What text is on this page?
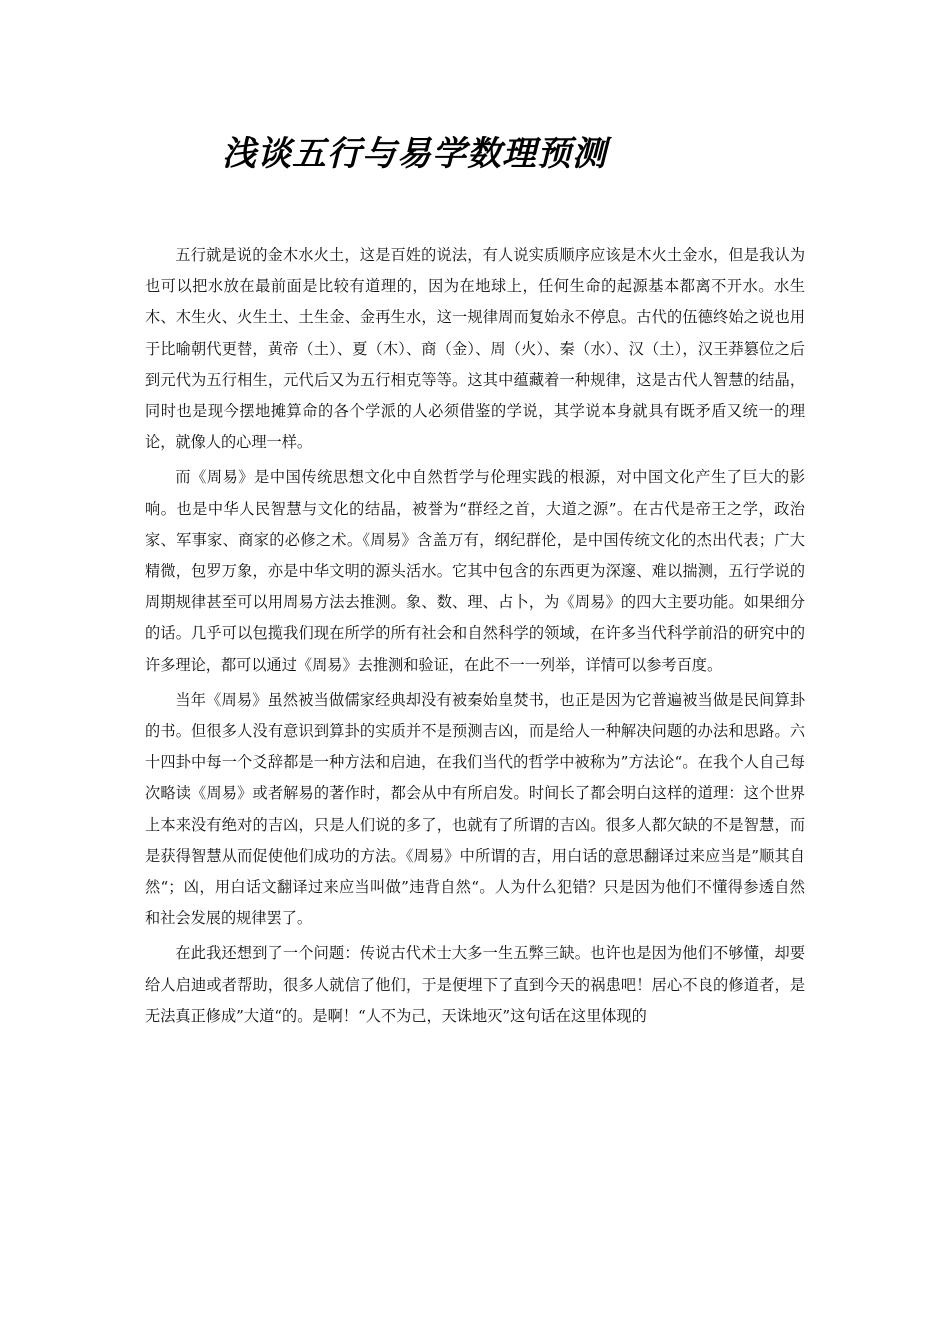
浅谈五行与易学数理预测

五行就是说的金木水火土，这是百姓的说法，有人说实质顺序应该是木火土金水，但是我认为也可以把水放在最前面是比较有道理的，因为在地球上，任何生命的起源基本都离不开水。水生木、木生火、火生土、土生金、金再生水，这一规律周而复始永不停息。古代的伍德终始之说也用于比喻朝代更替，黄帝（土）、夏（木）、商（金）、周（火）、秦（水）、汉（土），汉王莽篡位之后到元代为五行相生，元代后又为五行相克等等。这其中蕴藏着一种规律，这是古代人智慧的结晶，同时也是现今摆地摊算命的各个学派的人必须借鉴的学说，其学说本身就具有既矛盾又统一的理论，就像人的心理一样。

而《周易》是中国传统思想文化中自然哲学与伦理实践的根源，对中国文化产生了巨大的影响。也是中华人民智慧与文化的结晶，被誉为“群经之首，大道之源”。在古代是帝王之学，政治家、军事家、商家的必修之术。《周易》含盖万有，纲纪群伦，是中国传统文化的杰出代表；广大精微，包罗万象，亦是中华文明的源头活水。它其中包含的东西更为深邃、难以揣测，五行学说的周期规律甚至可以用周易方法去推测。象、数、理、占卜，为《周易》的四大主要功能。如果细分的话。几乎可以包揽我们现在所学的所有社会和自然科学的领域，在许多当代科学前沿的研究中的许多理论，都可以通过《周易》去推测和验证，在此不一一列举，详情可以参考百度。

当年《周易》虽然被当做儒家经典却没有被秦始皇焚书，也正是因为它普遍被当做是民间算卦的书。但很多人没有意识到算卦的实质并不是预测吉凶，而是给人一种解决问题的办法和思路。六十四卦中每一个爻辞都是一种方法和启迪，在我们当代的哲学中被称为”方法论“。在我个人自己每次略读《周易》或者解易的著作时，都会从中有所启发。时间长了都会明白这样的道理：这个世界上本来没有绝对的吉凶，只是人们说的多了，也就有了所谓的吉凶。很多人都欠缺的不是智慧，而是获得智慧从而促使他们成功的方法。《周易》中所谓的吉，用白话的意思翻译过来应当是”顺其自然“；凶，用白话文翻译过来应当叫做”违背自然“。人为什么犯错？只是因为他们不懂得参透自然和社会发展的规律罢了。

在此我还想到了一个问题：传说古代术士大多一生五弊三缺。也许也是因为他们不够懂，却要给人启迪或者帮助，很多人就信了他们，于是便埋下了直到今天的祸患吧！居心不良的修道者，是无法真正修成”大道“的。是啊！“人不为己，天诛地灭”这句话在这里体现的
